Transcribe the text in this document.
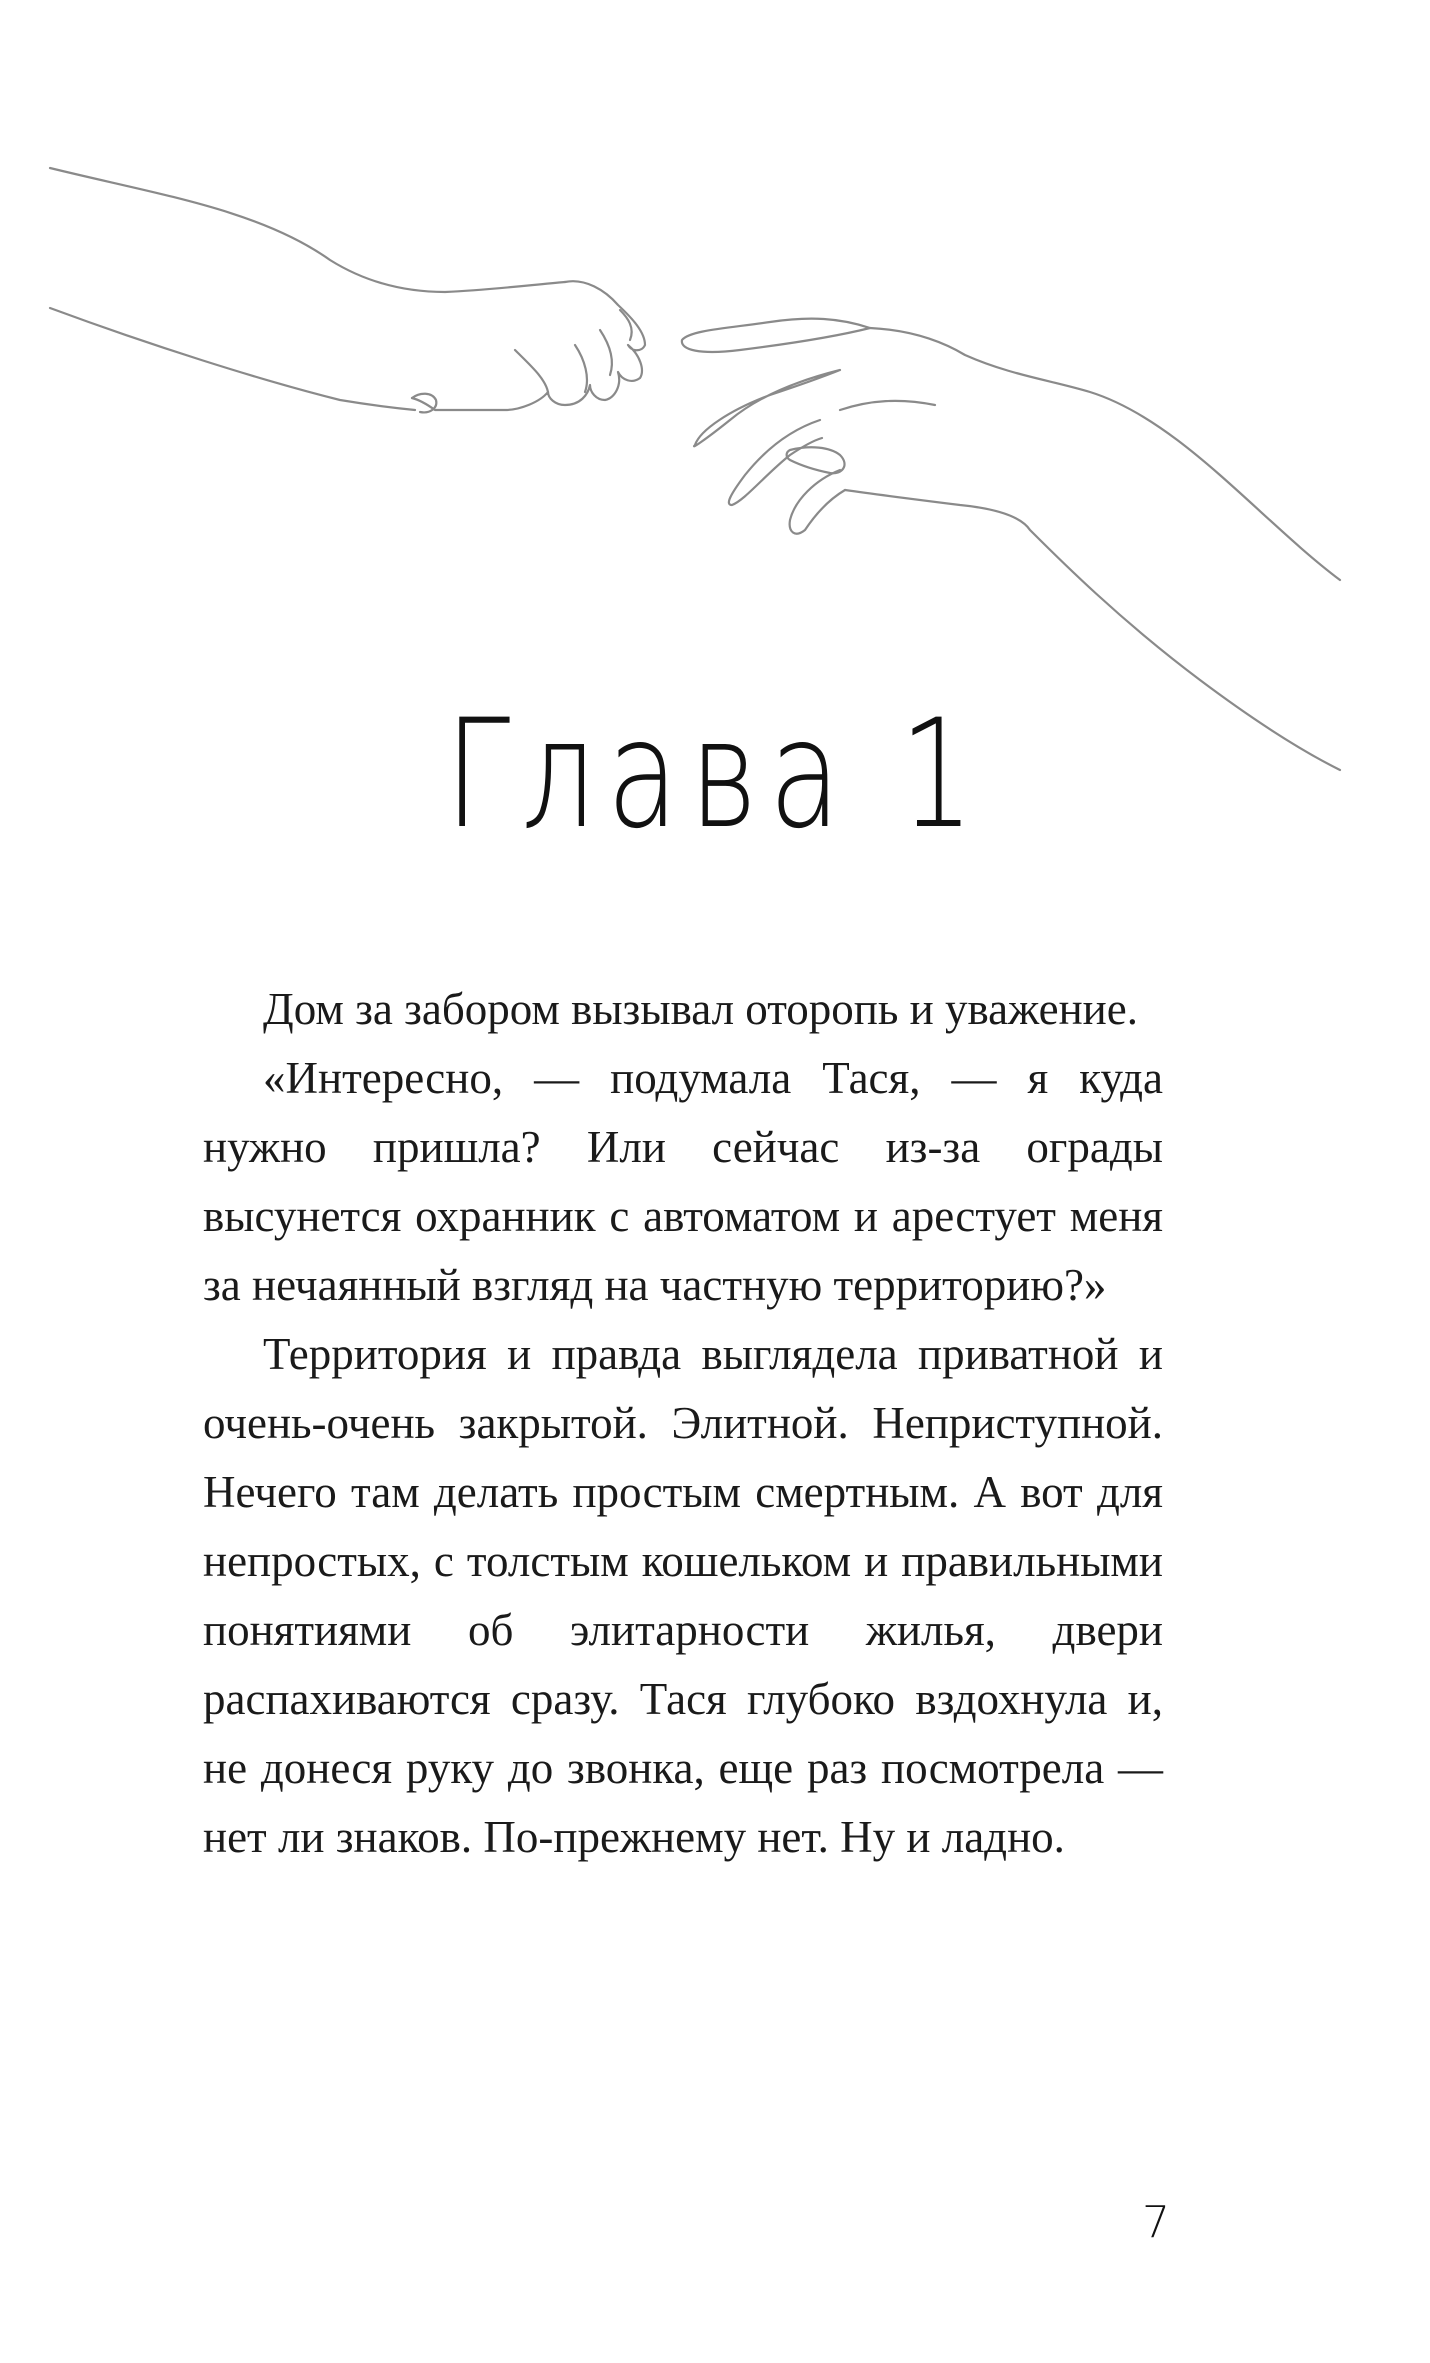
Глава 1

Дом за забором вызывал оторопь и уважение.

«Интересно, — подумала Тася, — я куда нужно пришла? Или сейчас из-за ограды высунется охранник с автоматом и арестует меня за нечаянный взгляд на частную территорию?»

Территория и правда выглядела приватной и очень-очень закрытой. Элитной. Неприступной. Нечего там делать простым смертным. А вот для непростых, с толстым кошельком и правильными понятиями об элитарности жилья, двери распахиваются сразу. Тася глубоко вздохнула и, не донеся руку до звонка, еще раз посмотрела — нет ли знаков. По-прежнему нет. Ну и ладно.

7
